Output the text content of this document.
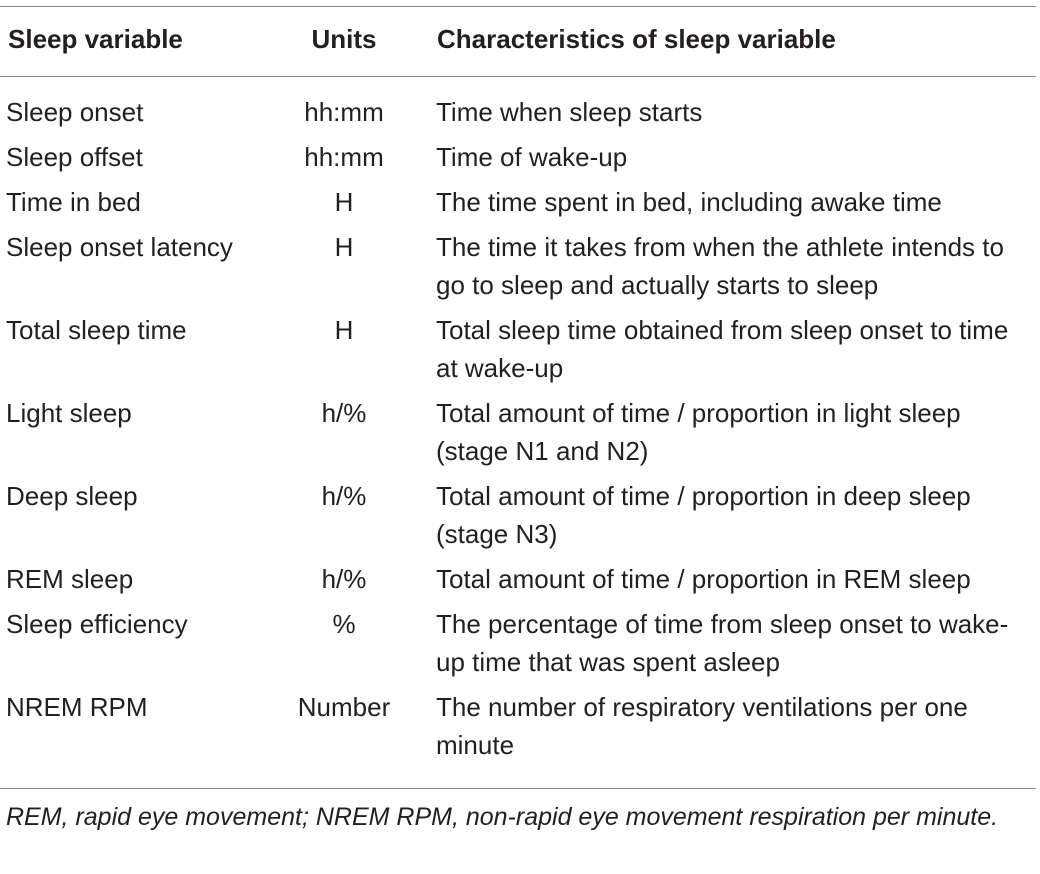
Sleep variable	Units	Characteristics of sleep variable
Sleep onset	hh:mm	Time when sleep starts
Sleep offset	hh:mm	Time of wake-up
Time in bed	H	The time spent in bed, including awake time
Sleep onset latency	H	The time it takes from when the athlete intends to go to sleep and actually starts to sleep
Total sleep time	H	Total sleep time obtained from sleep onset to time at wake-up
Light sleep	h/%	Total amount of time / proportion in light sleep (stage N1 and N2)
Deep sleep	h/%	Total amount of time / proportion in deep sleep (stage N3)
REM sleep	h/%	Total amount of time / proportion in REM sleep
Sleep efficiency	%	The percentage of time from sleep onset to wake-up time that was spent asleep
NREM RPM	Number	The number of respiratory ventilations per one minute
REM, rapid eye movement; NREM RPM, non-rapid eye movement respiration per minute.
